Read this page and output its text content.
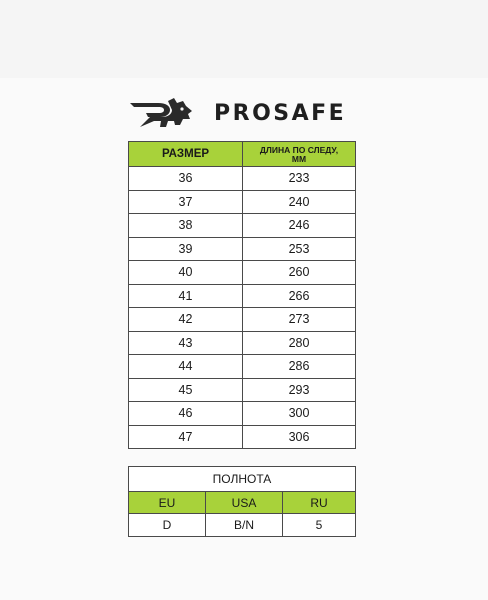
PROSAFE
РАЗМЕР	ДЛИНА ПО СЛЕДУ,
ММ

36	233
37	240
38	246
39	253
40	260
41	266
42	273
43	280
44	286
45	293
46	300
47	306
ПОЛНОТА		
EU	USA	RU
D	B/N	5
